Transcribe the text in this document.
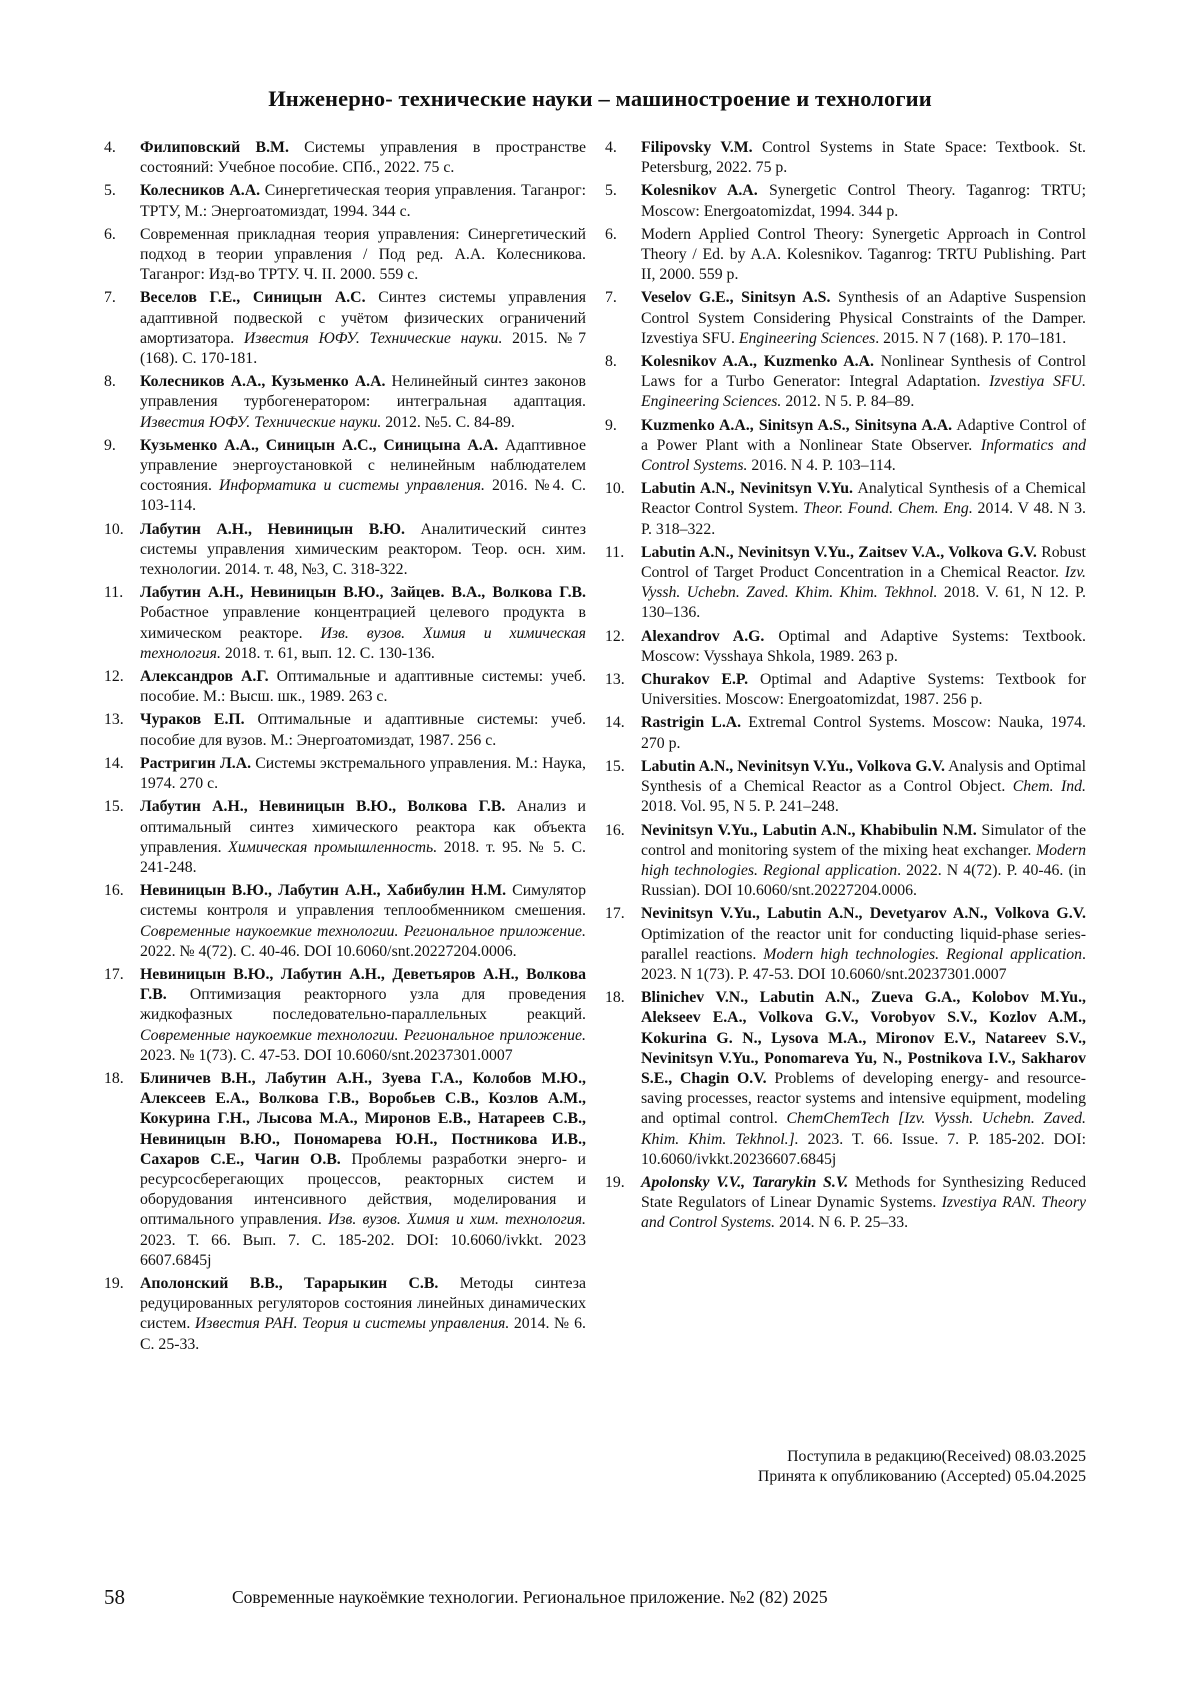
Инженерно- технические науки – машиностроение и технологии
4.	Филиповский В.М. Системы управления в пространстве состояний: Учебное пособие. СПб., 2022. 75 с.
5.	Колесников А.А. Синергетическая теория управления. Таганрог: ТРТУ, М.: Энергоатомиздат, 1994. 344 с.
6.	Современная прикладная теория управления: Синергетический подход в теории управления / Под ред. А.А. Колесникова. Таганрог: Изд-во ТРТУ. Ч. II. 2000. 559 с.
7.	Веселов Г.Е., Синицын А.С. Синтез системы управления адаптивной подвеской с учётом физических ограничений амортизатора. Известия ЮФУ. Технические науки. 2015. №7 (168). С. 170-181.
8.	Колесников А.А., Кузьменко А.А. Нелинейный синтез законов управления турбогенератором: интегральная адаптация. Известия ЮФУ. Технические науки. 2012. №5. С. 84-89.
9.	Кузьменко А.А., Синицын А.С., Синицына А.А. Адаптивное управление энергоустановкой с нелинейным наблюдателем состояния. Информатика и системы управления. 2016. №4. С. 103-114.
10.	Лабутин А.Н., Невиницын В.Ю. Аналитический синтез системы управления химическим реактором. Теор. осн. хим. технологии. 2014. т. 48, №3, С. 318-322.
11.	Лабутин А.Н., Невиницын В.Ю., Зайцев. В.А., Волкова Г.В. Робастное управление концентрацией целевого продукта в химическом реакторе. Изв. вузов. Химия и химическая технология. 2018. т. 61, вып. 12. С. 130-136.
12.	Александров А.Г. Оптимальные и адаптивные системы: учеб. пособие. М.: Высш. шк., 1989. 263 с.
13.	Чураков Е.П. Оптимальные и адаптивные системы: учеб. пособие для вузов. М.: Энергоатомиздат, 1987. 256 с.
14.	Растригин Л.А. Системы экстремального управления. М.: Наука, 1974. 270 с.
15.	Лабутин А.Н., Невиницын В.Ю., Волкова Г.В. Анализ и оптимальный синтез химического реактора как объекта управления. Химическая промышленность. 2018. т. 95. № 5. С. 241-248.
16.	Невиницын В.Ю., Лабутин А.Н., Хабибулин Н.М. Симулятор системы контроля и управления теплообменником смешения. Современные наукоемкие технологии. Региональное приложение. 2022. № 4(72). С. 40-46. DOI 10.6060/snt.20227204.0006.
17.	Невиницын В.Ю., Лабутин А.Н., Деветьяров А.Н., Волкова Г.В. Оптимизация реакторного узла для проведения жидкофазных последовательно-параллельных реакций. Современные наукоемкие технологии. Региональное приложение. 2023. № 1(73). С. 47-53. DOI 10.6060/snt.20237301.0007
18.	Блиничев В.Н., Лабутин А.Н., Зуева Г.А., Колобов М.Ю., Алексеев Е.А., Волкова Г.В., Воробьев С.В., Козлов А.М., Кокурина Г.Н., Лысова М.А., Миронов Е.В., Натареев С.В., Невиницын В.Ю., Пономарева Ю.Н., Постникова И.В., Сахаров С.Е., Чагин О.В. Проблемы разработки энерго- и ресурсосберегающих процессов, реакторных систем и оборудования интенсивного действия, моделирования и оптимального управления. Изв. вузов. Химия и хим. технология. 2023. Т. 66. Вып. 7. С. 185-202. DOI: 10.6060/ivkkt. 2023 6607.6845j
19.	Аполонский В.В., Тарарыкин С.В. Методы синтеза редуцированных регуляторов состояния линейных динамических систем. Известия РАН. Теория и системы управления. 2014. № 6. С. 25-33.
4.	Filipovsky V.M. Control Systems in State Space: Textbook. St. Petersburg, 2022. 75 p.
5.	Kolesnikov A.A. Synergetic Control Theory. Taganrog: TRTU; Moscow: Energoatomizdat, 1994. 344 p.
6.	Modern Applied Control Theory: Synergetic Approach in Control Theory / Ed. by A.A. Kolesnikov. Taganrog: TRTU Publishing. Part II, 2000. 559 p.
7.	Veselov G.E., Sinitsyn A.S. Synthesis of an Adaptive Suspension Control System Considering Physical Constraints of the Damper. Izvestiya SFU. Engineering Sciences. 2015. N 7 (168). P. 170–181.
8.	Kolesnikov A.A., Kuzmenko A.A. Nonlinear Synthesis of Control Laws for a Turbo Generator: Integral Adaptation. Izvestiya SFU. Engineering Sciences. 2012. N 5. P. 84–89.
9.	Kuzmenko A.A., Sinitsyn A.S., Sinitsyna A.A. Adaptive Control of a Power Plant with a Nonlinear State Observer. Informatics and Control Systems. 2016. N 4. P. 103–114.
10.	Labutin A.N., Nevinitsyn V.Yu. Analytical Synthesis of a Chemical Reactor Control System. Theor. Found. Chem. Eng. 2014. V 48. N 3. P. 318–322.
11.	Labutin A.N., Nevinitsyn V.Yu., Zaitsev V.A., Volkova G.V. Robust Control of Target Product Concentration in a Chemical Reactor. Izv. Vyssh. Uchebn. Zaved. Khim. Khim. Tekhnol. 2018. V. 61, N 12. P. 130–136.
12.	Alexandrov A.G. Optimal and Adaptive Systems: Textbook. Moscow: Vysshaya Shkola, 1989. 263 p.
13.	Churakov E.P. Optimal and Adaptive Systems: Textbook for Universities. Moscow: Energoatomizdat, 1987. 256 p.
14.	Rastrigin L.A. Extremal Control Systems. Moscow: Nauka, 1974. 270 p.
15.	Labutin A.N., Nevinitsyn V.Yu., Volkova G.V. Analysis and Optimal Synthesis of a Chemical Reactor as a Control Object. Chem. Ind. 2018. Vol. 95, N 5. P. 241–248.
16.	Nevinitsyn V.Yu., Labutin A.N., Khabibulin N.M. Simulator of the control and monitoring system of the mixing heat exchanger. Modern high technologies. Regional application. 2022. N 4(72). P. 40-46. (in Russian). DOI 10.6060/snt.20227204.0006.
17.	Nevinitsyn V.Yu., Labutin A.N., Devetyarov A.N., Volkova G.V. Optimization of the reactor unit for conducting liquid-phase series-parallel reactions. Modern high technologies. Regional application. 2023. N 1(73). P. 47-53. DOI 10.6060/snt.20237301.0007
18.	Blinichev V.N., Labutin A.N., Zueva G.A., Kolobov M.Yu., Alekseev E.A., Volkova G.V., Vorobyov S.V., Kozlov A.M., Kokurina G. N., Lysova M.A., Mironov E.V., Natareev S.V., Nevinitsyn V.Yu., Ponomareva Yu, N., Postnikova I.V., Sakharov S.E., Chagin O.V. Problems of developing energy- and resource-saving processes, reactor systems and intensive equipment, modeling and optimal control. ChemChemTech [Izv. Vyssh. Uchebn. Zaved. Khim. Khim. Tekhnol.]. 2023. T. 66. Issue. 7. P. 185-202. DOI: 10.6060/ivkkt.20236607.6845j
19.	Apolonsky V.V., Tararykin S.V. Methods for Synthesizing Reduced State Regulators of Linear Dynamic Systems. Izvestiya RAN. Theory and Control Systems. 2014. N 6. P. 25–33.
Поступила в редакцию(Received) 08.03.2025
Принята к опубликованию (Accepted) 05.04.2025
58	Современные наукоёмкие технологии. Региональное приложение. №2 (82) 2025
